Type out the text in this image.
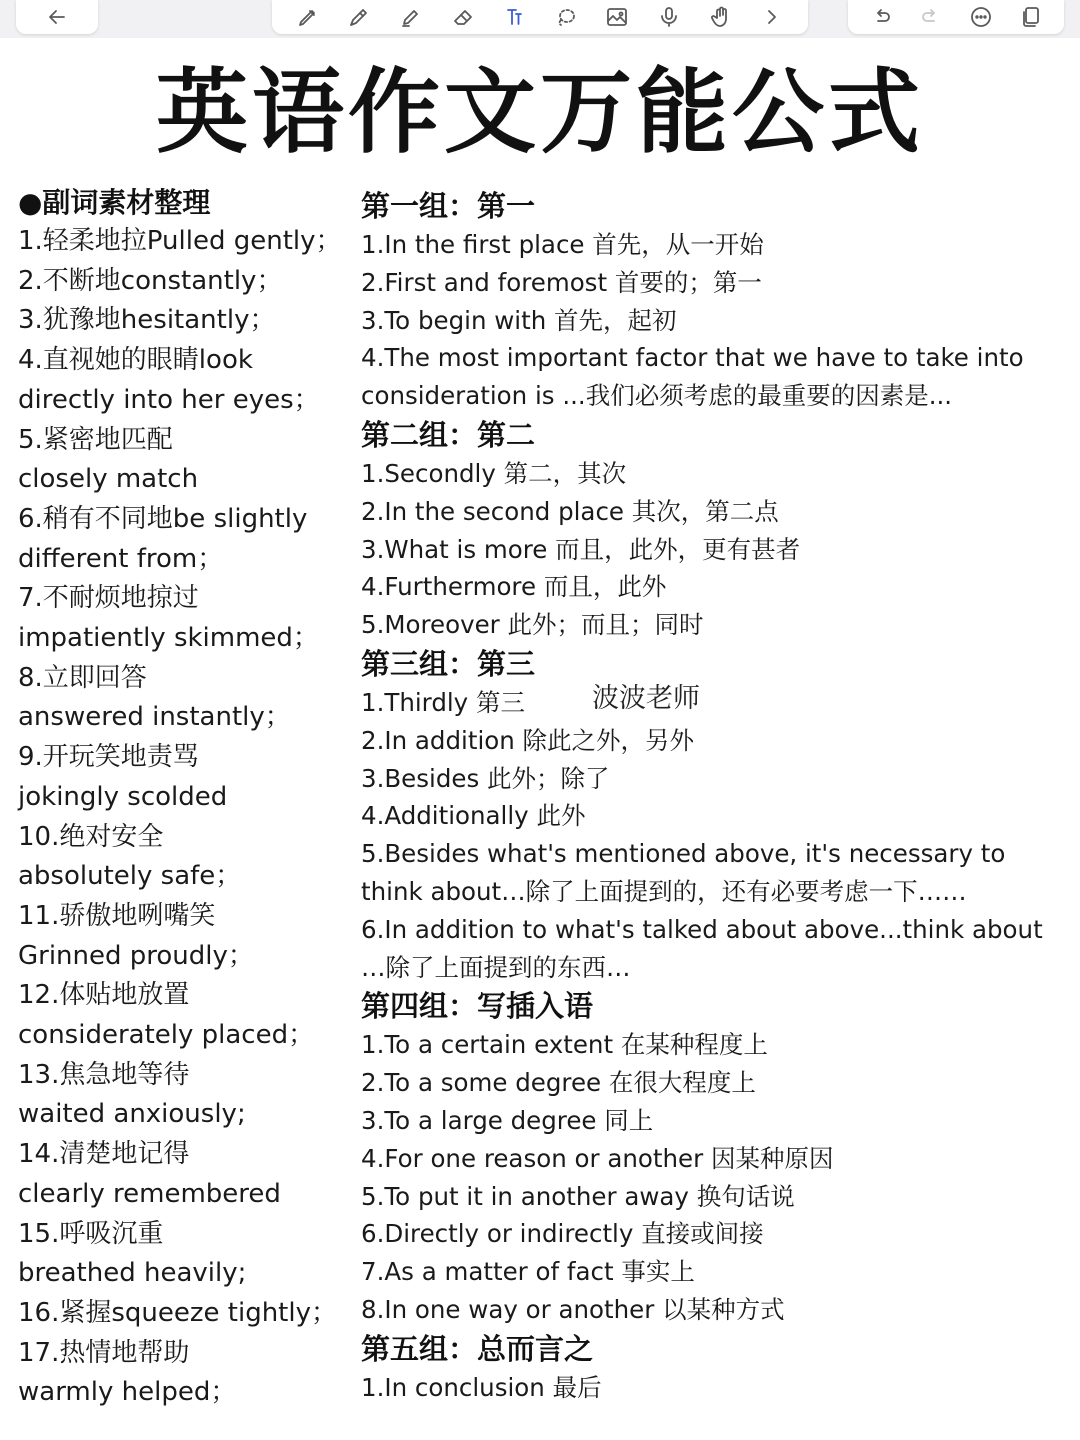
英语作文万能公式
●副词素材整理
1.轻柔地拉Pulled gently；
2.不断地constantly；
3.犹豫地hesitantly；
4.直视她的眼睛look
directly into her eyes；
5.紧密地匹配
closely match
6.稍有不同地be slightly
different from；
7.不耐烦地掠过
impatiently skimmed；
8.立即回答
answered instantly；
9.开玩笑地责骂
jokingly scolded
10.绝对安全
absolutely safe；
11.骄傲地咧嘴笑
Grinned proudly；
12.体贴地放置
considerately placed；
13.焦急地等待
waited anxiously;
14.清楚地记得
clearly remembered
15.呼吸沉重
breathed heavily;
16.紧握squeeze tightly；
17.热情地帮助
warmly helped；
第一组：第一
1.In the first place 首先，从一开始
2.First and foremost 首要的；第一
3.To begin with 首先，起初
4.The most important factor that we have to take into
consideration is ...我们必须考虑的最重要的因素是...
第二组：第二
1.Secondly 第二，其次
2.In the second place 其次，第二点
3.What is more 而且，此外，更有甚者
4.Furthermore 而且，此外
5.Moreover 此外；而且；同时
第三组：第三
1.Thirdly 第三
2.In addition 除此之外，另外
3.Besides 此外；除了
4.Additionally 此外
5.Besides what's mentioned above, it's necessary to
think about…除了上面提到的，还有必要考虑一下……
6.In addition to what's talked about above...think about
…除了上面提到的东西…
第四组：写插入语
1.To a certain extent 在某种程度上
2.To a some degree 在很大程度上
3.To a large degree 同上
4.For one reason or another 因某种原因
5.To put it in another away 换句话说
6.Directly or indirectly 直接或间接
7.As a matter of fact 事实上
8.In one way or another 以某种方式
第五组：总而言之
1.In conclusion 最后
波波老师
